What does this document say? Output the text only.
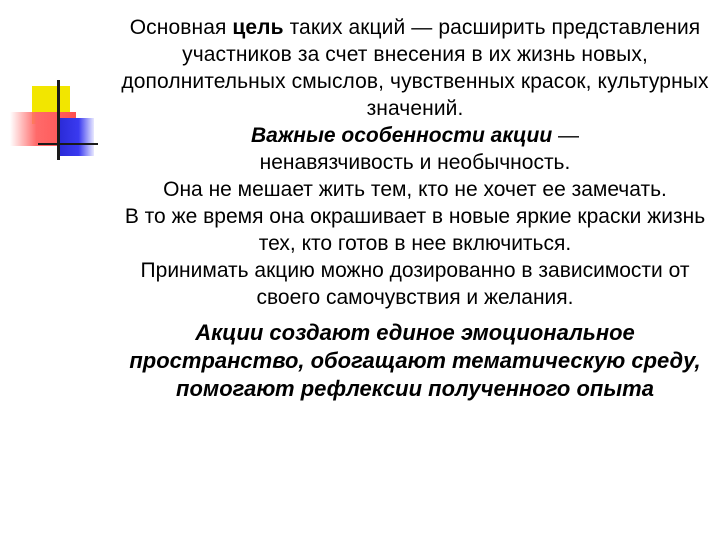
Основная цель таких акций — расширить представления участников за счет внесения в их жизнь новых, дополнительных смыслов, чувственных красок, культурных значений.

Важные особенности акции —
ненавязчивость и необычность.

Она не мешает жить тем, кто не хочет ее замечать.

В то же время она окрашивает в новые яркие краски жизнь тех, кто готов в нее включиться.

Принимать акцию можно дозированно в зависимости от своего самочувствия и желания.

Акции создают единое эмоциональное пространство, обогащают тематическую среду, помогают рефлексии полученного опыта
